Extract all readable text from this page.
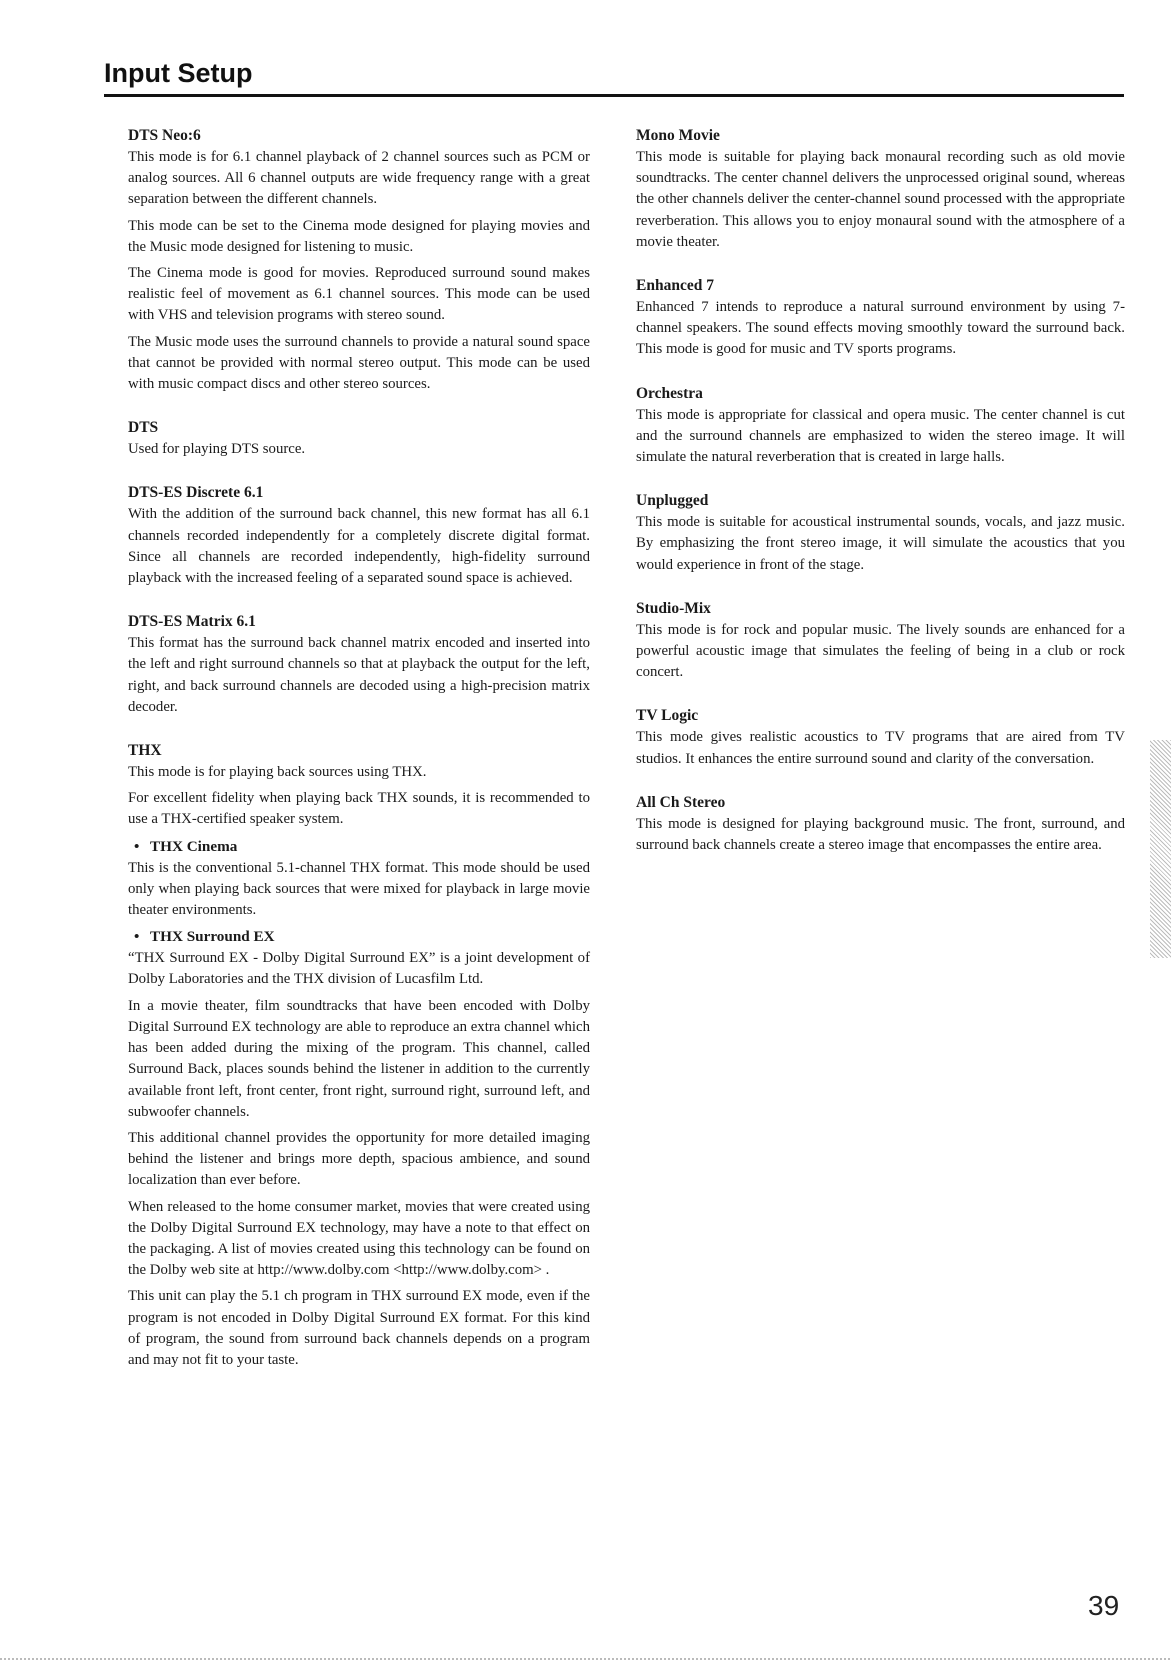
Input Setup

DTS Neo:6

This mode is for 6.1 channel playback of 2 channel sources such as PCM or analog sources. All 6 channel outputs are wide frequency range with a great separation between the different channels.

This mode can be set to the Cinema mode designed for playing movies and the Music mode designed for listening to music.

The Cinema mode is good for movies. Reproduced surround sound makes realistic feel of movement as 6.1 channel sources. This mode can be used with VHS and television programs with stereo sound.

The Music mode uses the surround channels to provide a natural sound space that cannot be provided with normal stereo output. This mode can be used with music compact discs and other stereo sources.

DTS

Used for playing DTS source.

DTS-ES Discrete 6.1

With the addition of the surround back channel, this new format has all 6.1 channels recorded independently for a completely discrete digital format. Since all channels are recorded independently, high-fidelity surround playback with the increased feeling of a separated sound space is achieved.

DTS-ES Matrix 6.1

This format has the surround back channel matrix encoded and inserted into the left and right surround channels so that at playback the output for the left, right, and back surround channels are decoded using a high-precision matrix decoder.

THX

This mode is for playing back sources using THX.

For excellent fidelity when playing back THX sounds, it is recommended to use a THX-certified speaker system.

• THX Cinema

This is the conventional 5.1-channel THX format. This mode should be used only when playing back sources that were mixed for playback in large movie theater environments.

• THX Surround EX

“THX Surround EX - Dolby Digital Surround EX” is a joint development of Dolby Laboratories and the THX division of Lucasfilm Ltd.

In a movie theater, film soundtracks that have been encoded with Dolby Digital Surround EX technology are able to reproduce an extra channel which has been added during the mixing of the program. This channel, called Surround Back, places sounds behind the listener in addition to the currently available front left, front center, front right, surround right, surround left, and subwoofer channels.

This additional channel provides the opportunity for more detailed imaging behind the listener and brings more depth, spacious ambience, and sound localization than ever before.

When released to the home consumer market, movies that were created using the Dolby Digital Surround EX technology, may have a note to that effect on the packaging. A list of movies created using this technology can be found on the Dolby web site at http://www.dolby.com <http://www.dolby.com> .

This unit can play the 5.1 ch program in THX surround EX mode, even if the program is not encoded in Dolby Digital Surround EX format. For this kind of program, the sound from surround back channels depends on a program and may not fit to your taste.

Mono Movie

This mode is suitable for playing back monaural recording such as old movie soundtracks. The center channel delivers the unprocessed original sound, whereas the other channels deliver the center-channel sound processed with the appropriate reverberation. This allows you to enjoy monaural sound with the atmosphere of a movie theater.

Enhanced 7

Enhanced 7 intends to reproduce a natural surround environment by using 7-channel speakers. The sound effects moving smoothly toward the surround back. This mode is good for music and TV sports programs.

Orchestra

This mode is appropriate for classical and opera music. The center channel is cut and the surround channels are emphasized to widen the stereo image. It will simulate the natural reverberation that is created in large halls.

Unplugged

This mode is suitable for acoustical instrumental sounds, vocals, and jazz music. By emphasizing the front stereo image, it will simulate the acoustics that you would experience in front of the stage.

Studio-Mix

This mode is for rock and popular music. The lively sounds are enhanced for a powerful acoustic image that simulates the feeling of being in a club or rock concert.

TV Logic

This mode gives realistic acoustics to TV programs that are aired from TV studios. It enhances the entire surround sound and clarity of the conversation.

All Ch Stereo

This mode is designed for playing background music. The front, surround, and surround back channels create a stereo image that encompasses the entire area.

39
